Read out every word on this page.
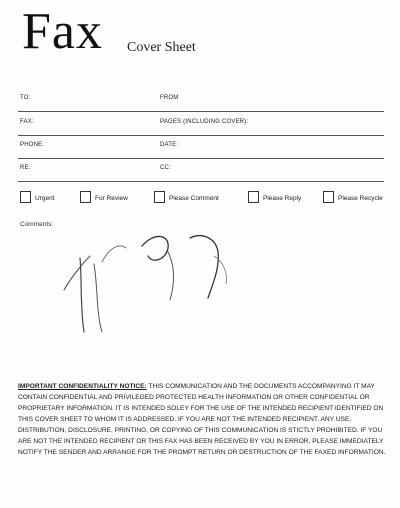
Fax Cover Sheet
TO:	FROM
FAX:	PAGES (INCLUDING COVER):
PHONE:	DATE:
RE:	CC:
Urgent	For Review	Please Comment	Please Reply	Please Recycle
Comments:
IMPORTANT CONFIDENTIALITY NOTICE: THIS COMMUNICATION AND THE DOCUMENTS ACCOMPANYING IT MAY CONTAIN CONFIDENTIAL AND PRIVILEGED PROTECTED HEALTH INFORMATION OR OTHER CONFIDENTIAL OR PROPRIETARY INFORMATION. IT IS INTENDED SOLEY FOR THE USE OF THE INTENDED RECIPIENT IDENTIFIED ON THIS COVER SHEET TO WHOM IT IS ADDRESSED. IF YOU ARE NOT THE INTENDED RECIPIENT, ANY USE, DISTRIBUTION, DISCLOSURE, PRINTING, OR COPYING OF THIS COMMUNICATION IS STICTLY PROHIBITED. IF YOU ARE NOT THE INTENDED RECIPIENT OR THIS FAX HAS BEEN RECEIVED BY YOU IN ERROR, PLEASE IMMEDIATELY NOTIFY THE SENDER AND ARRANGE FOR THE PROMPT RETURN OR DESTRUCTION OF THE FAXED INFORMATION.
